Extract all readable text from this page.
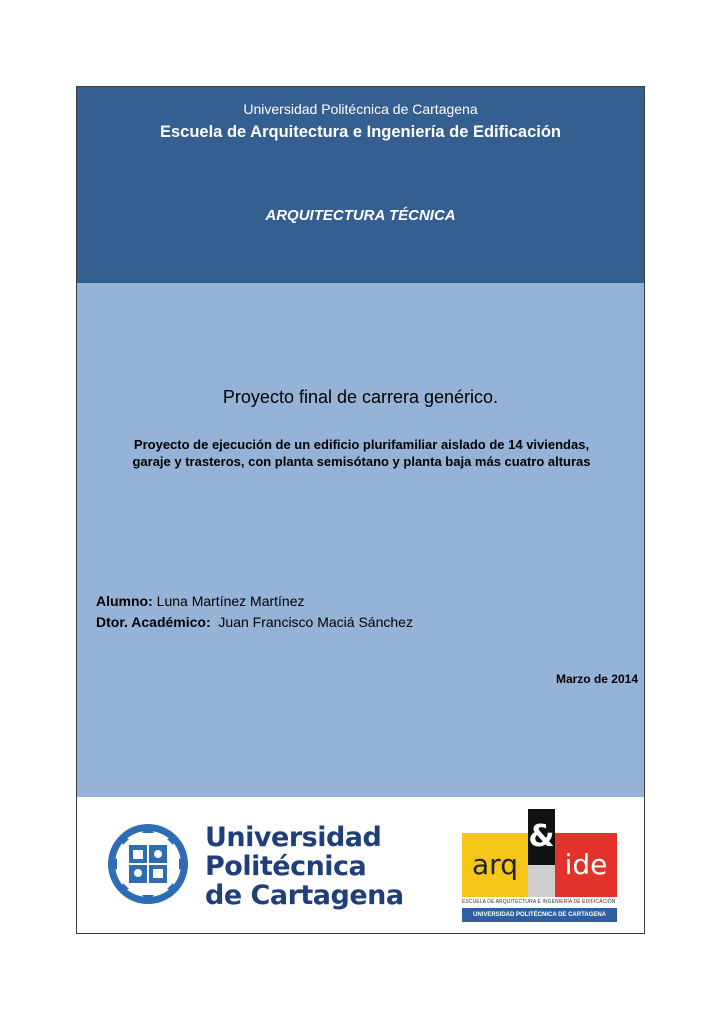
Universidad Politécnica de Cartagena
Escuela de Arquitectura e Ingeniería de Edificación
ARQUITECTURA TÉCNICA
Proyecto final de carrera genérico.
Proyecto de ejecución de un edificio plurifamiliar aislado de 14 viviendas,
garaje y trasteros, con planta semisótano y planta baja más cuatro alturas
Alumno: Luna Martínez Martínez
Dtor. Académico: Juan Francisco Maciá Sánchez
Marzo de 2014
Universidad
Politécnica
de Cartagena
arq
&
ide
ESCUELA DE ARQUITECTURA E INGENIERÍA DE EDIFICACIÓN
UNIVERSIDAD POLITÉCNICA DE CARTAGENA
